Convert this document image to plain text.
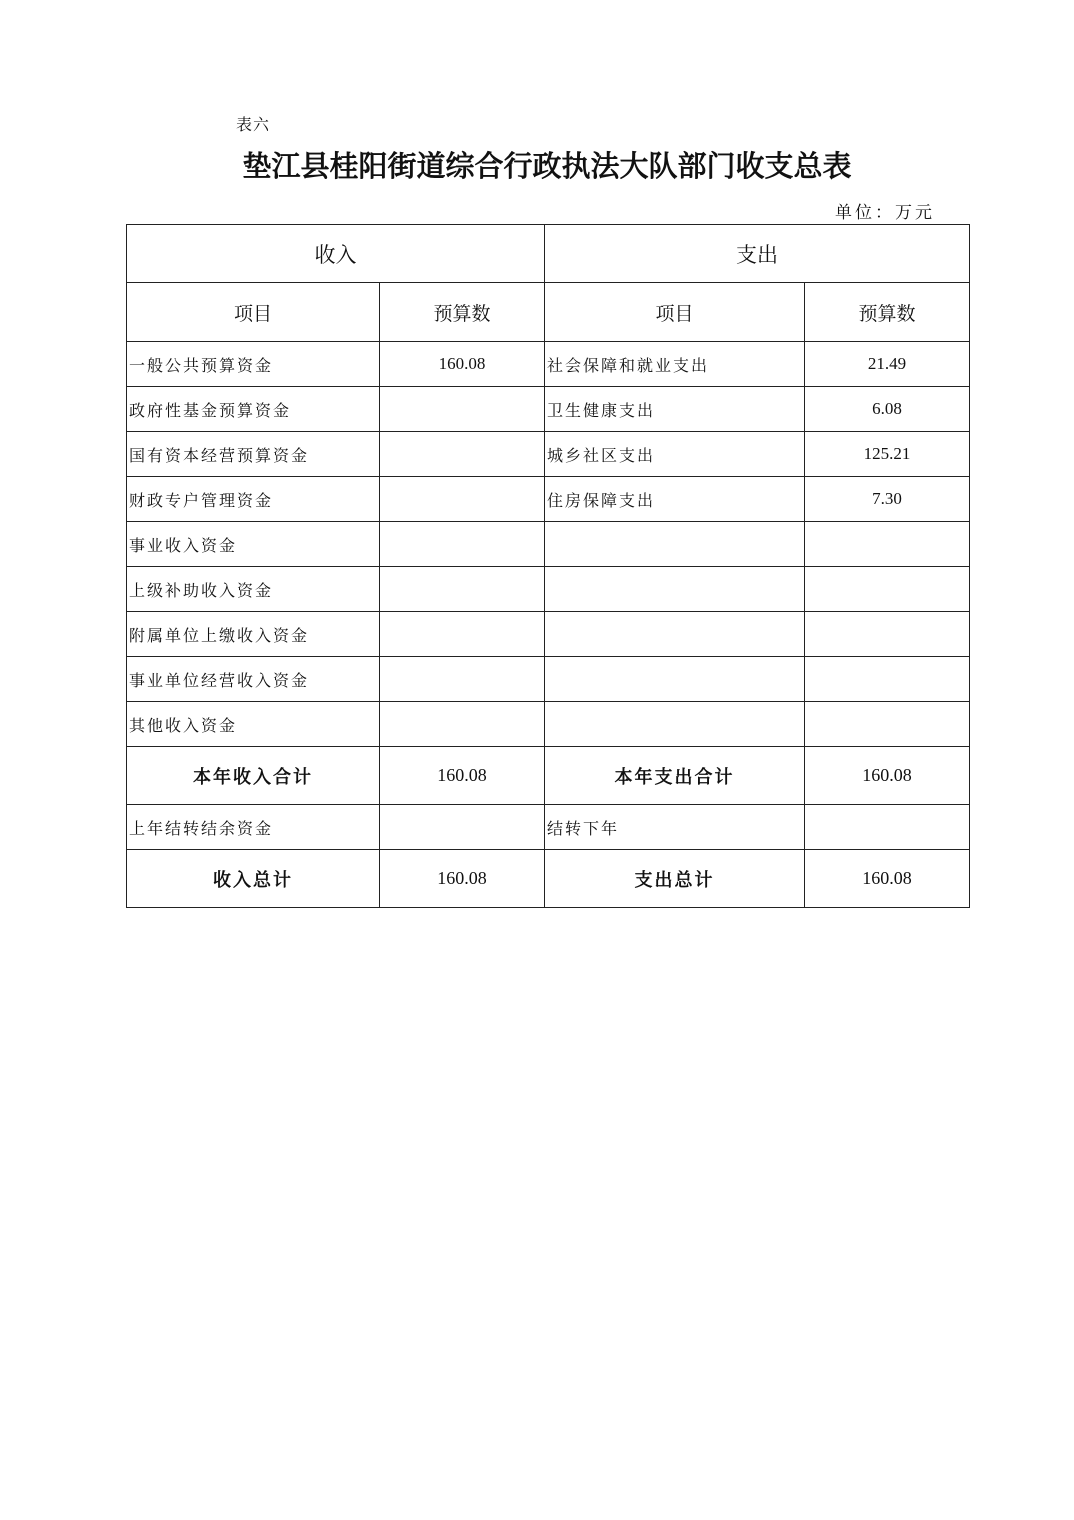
表六
垫江县桂阳街道综合行政执法大队部门收支总表
单位：万元
收入		支出	
项目	预算数	项目	预算数
一般公共预算资金	160.08	社会保障和就业支出	21.49
政府性基金预算资金		卫生健康支出	6.08
国有资本经营预算资金		城乡社区支出	125.21
财政专户管理资金		住房保障支出	7.30
事业收入资金			
上级补助收入资金			
附属单位上缴收入资金			
事业单位经营收入资金			
其他收入资金			
本年收入合计	160.08	本年支出合计	160.08
上年结转结余资金		结转下年	
收入总计	160.08	支出总计	160.08
